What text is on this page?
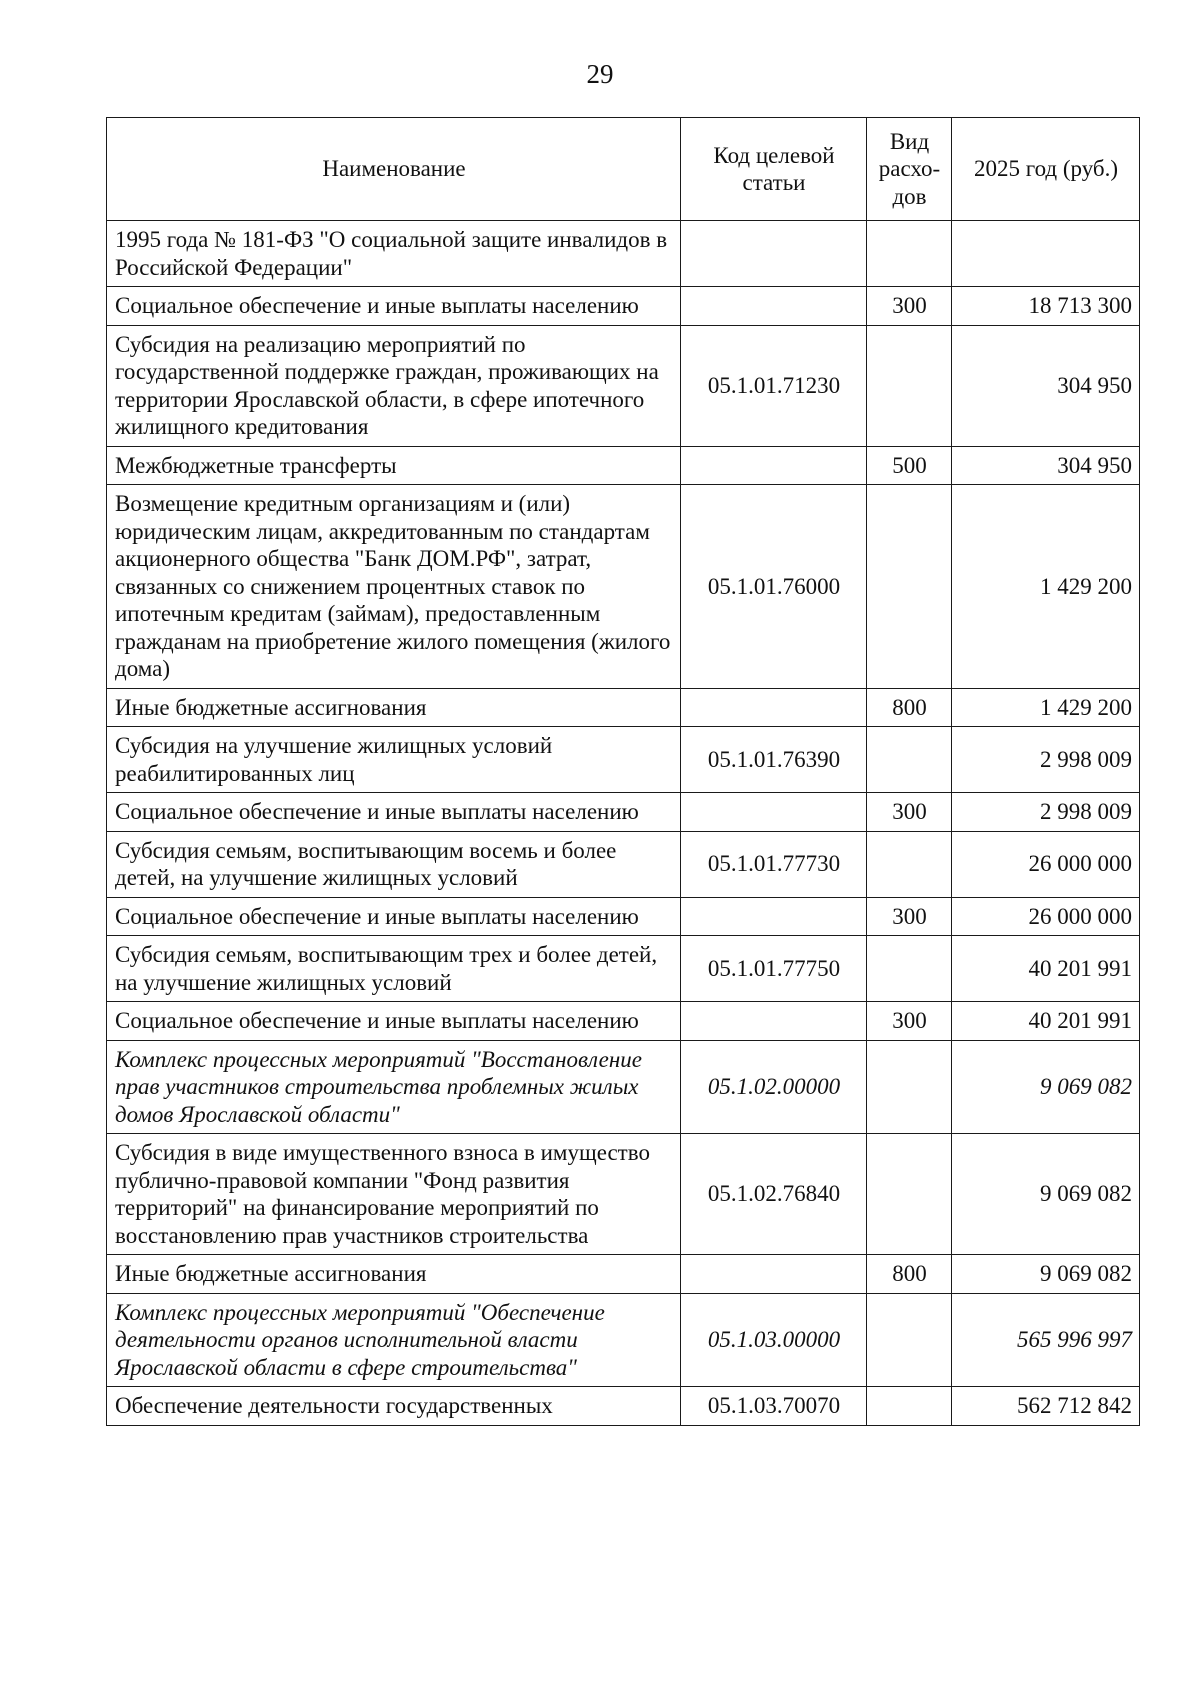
29
Наименование	Код целевой статьи	Вид расхо-дов	2025 год (руб.)
1995 года № 181-ФЗ "О социальной защите инвалидов в Российской Федерации"			
Социальное обеспечение и иные выплаты населению		300	18 713 300
Субсидия на реализацию мероприятий по государственной поддержке граждан, проживающих на территории Ярославской области, в сфере ипотечного жилищного кредитования	05.1.01.71230		304 950
Межбюджетные трансферты		500	304 950
Возмещение кредитным организациям и (или) юридическим лицам, аккредитованным по стандартам акционерного общества "Банк ДОМ.РФ", затрат, связанных со снижением процентных ставок по ипотечным кредитам (займам), предоставленным гражданам на приобретение жилого помещения (жилого дома)	05.1.01.76000		1 429 200
Иные бюджетные ассигнования		800	1 429 200
Субсидия на улучшение жилищных условий реабилитированных лиц	05.1.01.76390		2 998 009
Социальное обеспечение и иные выплаты населению		300	2 998 009
Субсидия семьям, воспитывающим восемь и более детей, на улучшение жилищных условий	05.1.01.77730		26 000 000
Социальное обеспечение и иные выплаты населению		300	26 000 000
Субсидия семьям, воспитывающим трех и более детей, на улучшение жилищных условий	05.1.01.77750		40 201 991
Социальное обеспечение и иные выплаты населению		300	40 201 991
Комплекс процессных мероприятий "Восстановление прав участников строительства проблемных жилых домов Ярославской области"	05.1.02.00000		9 069 082
Субсидия в виде имущественного взноса в имущество публично-правовой компании "Фонд развития территорий" на финансирование мероприятий по восстановлению прав участников строительства	05.1.02.76840		9 069 082
Иные бюджетные ассигнования		800	9 069 082
Комплекс процессных мероприятий "Обеспечение деятельности органов исполнительной власти Ярославской области в сфере строительства"	05.1.03.00000		565 996 997
Обеспечение деятельности государственных	05.1.03.70070		562 712 842
